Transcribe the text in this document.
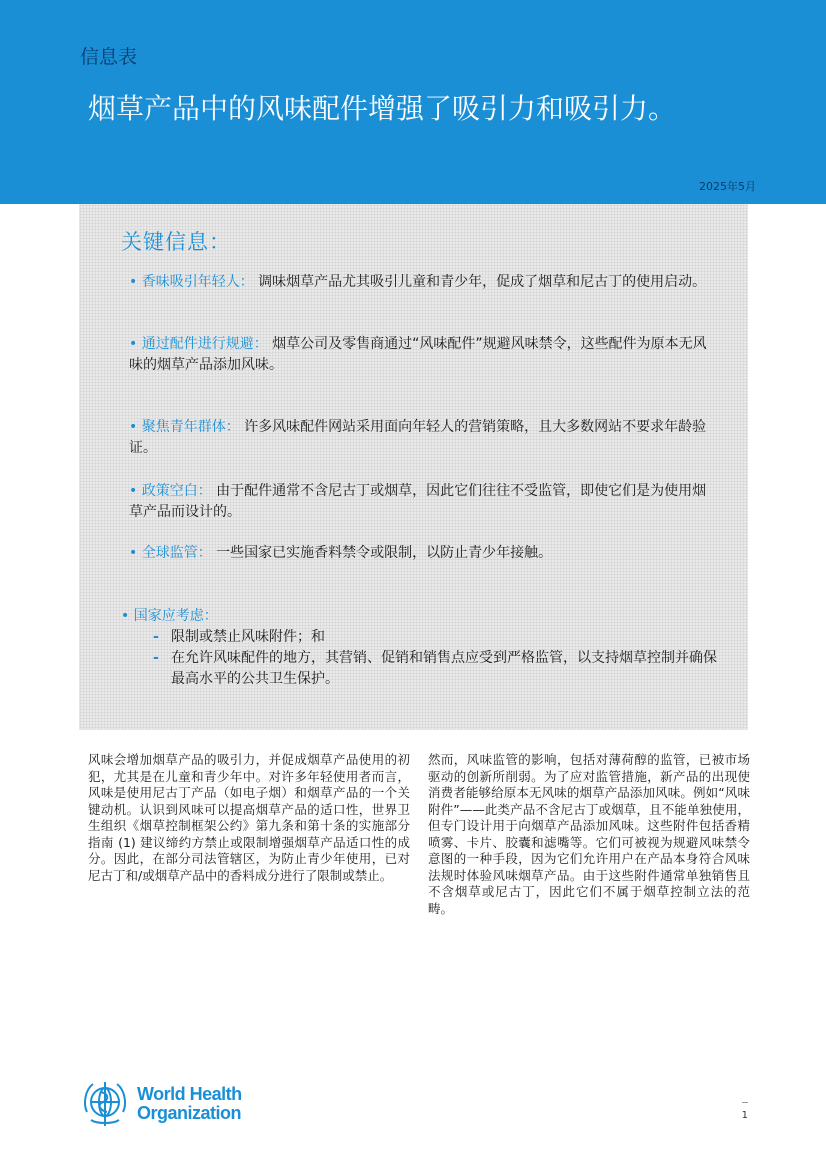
信息表
烟草产品中的风味配件增强了吸引力和吸引力。
2025年5月
关键信息：
• 香味吸引年轻人： 调味烟草产品尤其吸引儿童和青少年，促成了烟草和尼古丁的使用启动。
• 通过配件进行规避： 烟草公司及零售商通过“风味配件”规避风味禁令，这些配件为原本无风味的烟草产品添加风味。
• 聚焦青年群体： 许多风味配件网站采用面向年轻人的营销策略，且大多数网站不要求年龄验证。
• 政策空白： 由于配件通常不含尼古丁或烟草，因此它们往往不受监管，即使它们是为使用烟草产品而设计的。
• 全球监管： 一些国家已实施香料禁令或限制，以防止青少年接触。
• 国家应考虑：
- 限制或禁止风味附件；和
- 在允许风味配件的地方，其营销、促销和销售点应受到严格监管，以支持烟草控制并确保最高水平的公共卫生保护。
风味会增加烟草产品的吸引力，并促成烟草产品使用的初犯，尤其是在儿童和青少年中。对许多年轻使用者而言，风味是使用尼古丁产品（如电子烟）和烟草产品的一个关键动机。认识到风味可以提高烟草产品的适口性，世界卫生组织《烟草控制框架公约》第九条和第十条的实施部分指南 (1) 建议缔约方禁止或限制增强烟草产品适口性的成分。因此，在部分司法管辖区，为防止青少年使用，已对尼古丁和/或烟草产品中的香料成分进行了限制或禁止。
然而，风味监管的影响，包括对薄荷醇的监管，已被市场驱动的创新所削弱。为了应对监管措施，新产品的出现使消费者能够给原本无风味的烟草产品添加风味。例如“风味附件”——此类产品不含尼古丁或烟草，且不能单独使用，但专门设计用于向烟草产品添加风味。这些附件包括香精喷雾、卡片、胶囊和滤嘴等。它们可被视为规避风味禁令意图的一种手段，因为它们允许用户在产品本身符合风味法规时体验风味烟草产品。由于这些附件通常单独销售且不含烟草或尼古丁，因此它们不属于烟草控制立法的范畴。
World Health
Organization	1
